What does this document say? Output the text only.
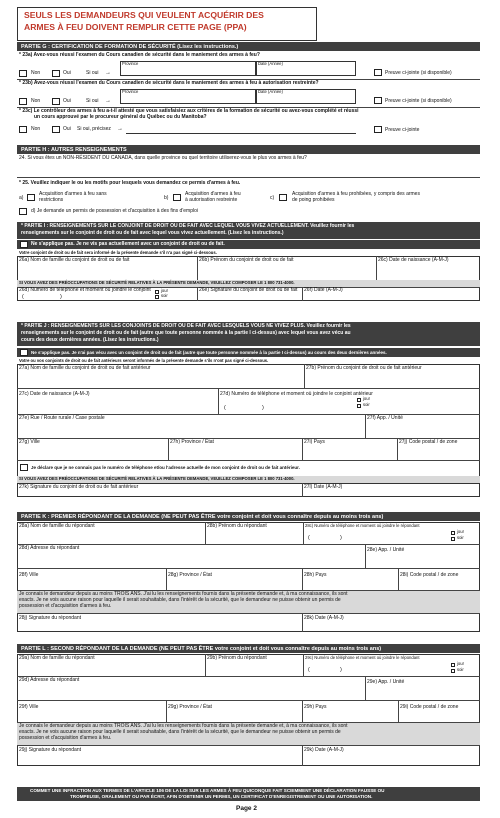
SEULS LES DEMANDEURS QUI VEULENT ACQUÉRIR DES
ARMES À FEU DOIVENT REMPLIR CETTE PAGE (PPA)
PARTIE G : CERTIFICATION DE FORMATION DE SÉCURITÉ (Lisez les instructions.)
* 23a) Avez-vous réussi l'examen du Cours canadien de sécurité dans le maniement des armes à feu?
Non	Oui	Si oui →
Province	Date (Année)
Preuve ci-jointe (si disponible)
* 23b) Avez-vous réussi l'examen du Cours canadien de sécurité dans le maniement des armes à feu à autorisation restreinte?
Non	Oui	Si oui →
Province	Date (Année)
Preuve ci-jointe (si disponible)
* 23c) Le contrôleur des armes à feu a-t-il attesté que vous satisfaisiez aux critères de la formation de sécurité ou avez-vous complété et réussi
un cours approuvé par le procureur général du Québec ou du Manitoba?
Non	Oui Si oui, précisez →	Preuve ci-jointe
PARTIE H : AUTRES RENSEIGNEMENTS
24. Si vous êtes un NON-RÉSIDENT DU CANADA, dans quelle province ou quel territoire utiliserez-vous le plus vos armes à feu?
* 25. Veuillez indiquer le ou les motifs pour lesquels vous demandez ce permis d'armes à feu.
a)
Acquisition d'armes à feu sans
restrictions	b)
Acquisition d'armes à feu
à autorisation restreinte	c)
Acquisition d'armes à feu prohibées, y compris des armes
de poing prohibées
d) Je demande un permis de possession et d'acquisition à des fins d'emploi
* PARTIE I : RENSEIGNEMENTS SUR LE CONJOINT DE DROIT OU DE FAIT AVEC LEQUEL VOUS VIVEZ ACTUELLEMENT. Veuillez fournir les
renseignements sur le conjoint de droit ou de fait avec lequel vous vivez actuellement. (Lisez les instructions.)
Ne s'applique pas. Je ne vis pas actuellement avec un conjoint de droit ou de fait.
Votre conjoint de droit ou de fait sera informé de la présente demande s'il n'a pas signé ci-dessous.
26a) Nom de famille du conjoint de droit ou de fait	26b) Prénom du conjoint de droit ou de fait	26c) Date de naissance (A-M-J)
SI VOUS AVEZ DES PRÉOCCUPATIONS DE SÉCURITÉ RELATIVES À LA PRÉSENTE DEMANDE, VEUILLEZ COMPOSER LE 1 800 731-4000.
26d) Numéro de téléphone et moment où joindre le conjoint
(	)
jour
soir
26e) Signature du conjoint de droit ou de fait 26f) Date (A-M-J)
* PARTIE J : RENSEIGNEMENTS SUR LES CONJOINTS DE DROIT OU DE FAIT AVEC LESQUELS VOUS NE VIVEZ PLUS. Veuillez fournir les
renseignements sur le conjoint de droit ou de fait (autre que toute personne nommée à la partie I ci-dessus) avec lequel vous avez vécu au
cours des deux dernières années. (Lisez les instructions.)
Ne s'applique pas. Je n'ai pas vécu avec un conjoint de droit ou de fait (autre que toute personne nommée à la partie I ci-dessus) au cours des deux dernières années.
Votre ou vos conjoints de droit ou de fait antérieurs seront informés de la présente demande s'ils n'ont pas signé ci-dessous.
27a) Nom de famille du conjoint de droit ou de fait antérieur	27b) Prénom du conjoint de droit ou de fait antérieur
27c) Date de naissance (A-M-J)	27d) Numéro de téléphone et moment où joindre le conjoint antérieur
(	)
jour
soir
27e) Rue / Route rurale / Case postale	27f) App. / Unité
27g) Ville	27h) Province / État	27i) Pays	27j) Code postal / de zone
Je déclare que je ne connais pas le numéro de téléphone et/ou l'adresse actuelle de mon conjoint de droit ou de fait antérieur.
SI VOUS AVEZ DES PRÉOCCUPATIONS DE SÉCURITÉ RELATIVES À LA PRÉSENTE DEMANDE, VEUILLEZ COMPOSER LE 1 800 731-4000.
27k) Signature du conjoint de droit ou de fait antérieur	27l) Date (A-M-J)
PARTIE K : PREMIER RÉPONDANT DE LA DEMANDE (NE PEUT PAS ÊTRE votre conjoint et doit vous connaître depuis au moins trois ans)
28a) Nom de famille du répondant	28b) Prénom du répondant	28c) Numéro de téléphone et moment où joindre le répondant
(	)
jour
soir
28d) Adresse du répondant	28e) App. / Unité
28f) Ville	28g) Province / État	28h) Pays	28i) Code postal / de zone
Je connais le demandeur depuis au moins TROIS ANS. J'ai lu les renseignements fournis dans la présente demande et, à ma connaissance, ils sont
exacts. Je ne vois aucune raison pour laquelle il serait souhaitable, dans l'intérêt de la sécurité, que le demandeur ne puisse obtenir un permis de
possession et d'acquisition d'armes à feu.
28j) Signature du répondant	28k) Date (A-M-J)
PARTIE L : SECOND RÉPONDANT DE LA DEMANDE (NE PEUT PAS ÊTRE votre conjoint et doit vous connaître depuis au moins trois ans)
29a) Nom de famille du répondant	29b) Prénom du répondant	29c) Numéro de téléphone et moment où joindre le répondant
(	)
jour
soir
29d) Adresse du répondant	29e) App. / Unité
29f) Ville	29g) Province / État	29h) Pays	29i) Code postal / de zone
Je connais le demandeur depuis au moins TROIS ANS. J'ai lu les renseignements fournis dans la présente demande et, à ma connaissance, ils sont
exacts. Je ne vois aucune raison pour laquelle il serait souhaitable, dans l'intérêt de la sécurité, que le demandeur ne puisse obtenir un permis de
possession et d'acquisition d'armes à feu.
29j) Signature du répondant	29k) Date (A-M-J)
COMMET UNE INFRACTION AUX TERMES DE L'ARTICLE 106 DE LA LOI SUR LES ARMES À FEU QUICONQUE FAIT SCIEMMENT UNE DÉCLARATION FAUSSE OU
TROMPEUSE, ORALEMENT OU PAR ÉCRIT, AFIN D'OBTENIR UN PERMIS, UN CERTIFICAT D'ENREGISTREMENT OU UNE AUTORISATION.
Page 2
